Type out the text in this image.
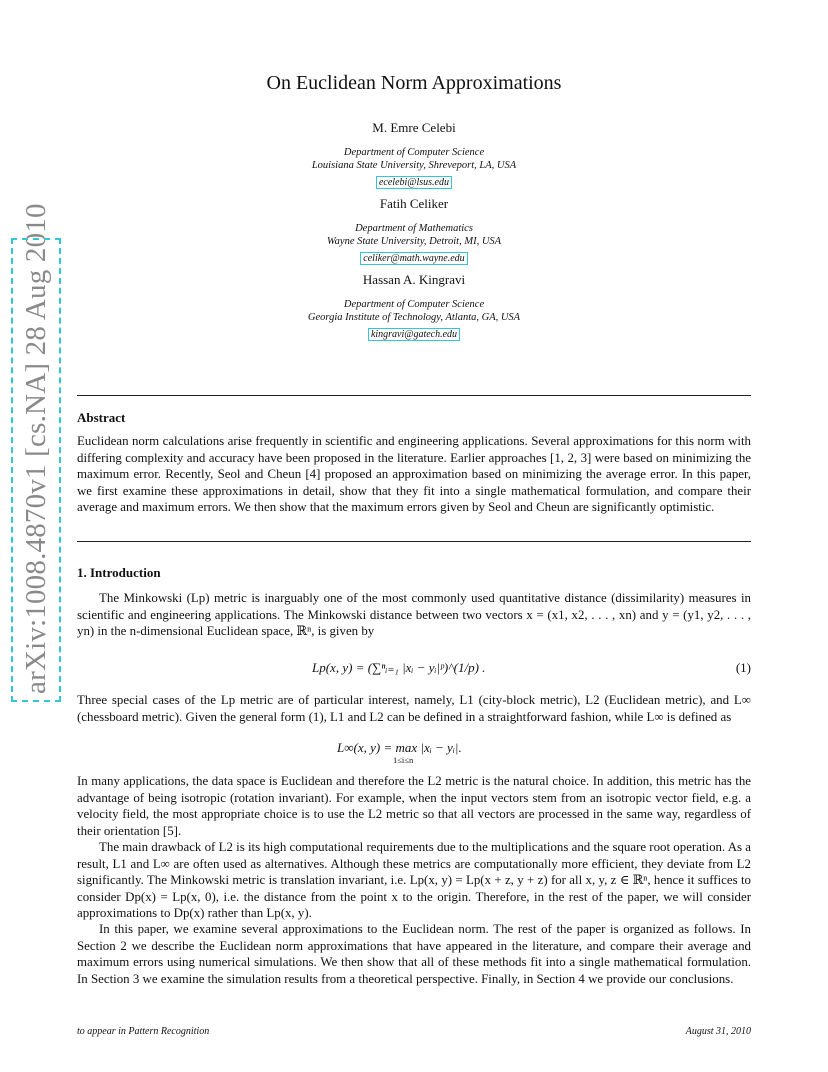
arXiv:1008.4870v1 [cs.NA] 28 Aug 2010
On Euclidean Norm Approximations
M. Emre Celebi
Department of Computer Science
Louisiana State University, Shreveport, LA, USA
ecelebi@lsus.edu
Fatih Celiker
Department of Mathematics
Wayne State University, Detroit, MI, USA
celiker@math.wayne.edu
Hassan A. Kingravi
Department of Computer Science
Georgia Institute of Technology, Atlanta, GA, USA
kingravi@gatech.edu
Abstract

Euclidean norm calculations arise frequently in scientific and engineering applications. Several approximations for this norm with differing complexity and accuracy have been proposed in the literature. Earlier approaches [1, 2, 3] were based on minimizing the maximum error. Recently, Seol and Cheun [4] proposed an approximation based on minimizing the average error. In this paper, we first examine these approximations in detail, show that they fit into a single mathematical formulation, and compare their average and maximum errors. We then show that the maximum errors given by Seol and Cheun are significantly optimistic.

1. Introduction

The Minkowski (Lp) metric is inarguably one of the most commonly used quantitative distance (dissimilarity) measures in scientific and engineering applications. The Minkowski distance between two vectors x = (x1, x2, . . . , xn) and y = (y1, y2, . . . , yn) in the n-dimensional Euclidean space, ℝⁿ, is given by

Lp(x, y) = (∑ⁿᵢ₌₁ |xᵢ − yᵢ|ᵖ)^(1/p) .	(1)

Three special cases of the Lp metric are of particular interest, namely, L1 (city-block metric), L2 (Euclidean metric), and L∞ (chessboard metric). Given the general form (1), L1 and L2 can be defined in a straightforward fashion, while L∞ is defined as

L∞(x, y) = max |xᵢ − yᵢ|.
1≤i≤n

In many applications, the data space is Euclidean and therefore the L2 metric is the natural choice. In addition, this metric has the advantage of being isotropic (rotation invariant). For example, when the input vectors stem from an isotropic vector field, e.g. a velocity field, the most appropriate choice is to use the L2 metric so that all vectors are processed in the same way, regardless of their orientation [5].

The main drawback of L2 is its high computational requirements due to the multiplications and the square root operation. As a result, L1 and L∞ are often used as alternatives. Although these metrics are computationally more efficient, they deviate from L2 significantly. The Minkowski metric is translation invariant, i.e. Lp(x, y) = Lp(x + z, y + z) for all x, y, z ∈ ℝⁿ, hence it suffices to consider Dp(x) = Lp(x, 0), i.e. the distance from the point x to the origin. Therefore, in the rest of the paper, we will consider approximations to Dp(x) rather than Lp(x, y).

In this paper, we examine several approximations to the Euclidean norm. The rest of the paper is organized as follows. In Section 2 we describe the Euclidean norm approximations that have appeared in the literature, and compare their average and maximum errors using numerical simulations. We then show that all of these methods fit into a single mathematical formulation. In Section 3 we examine the simulation results from a theoretical perspective. Finally, in Section 4 we provide our conclusions.

to appear in Pattern Recognition	August 31, 2010
